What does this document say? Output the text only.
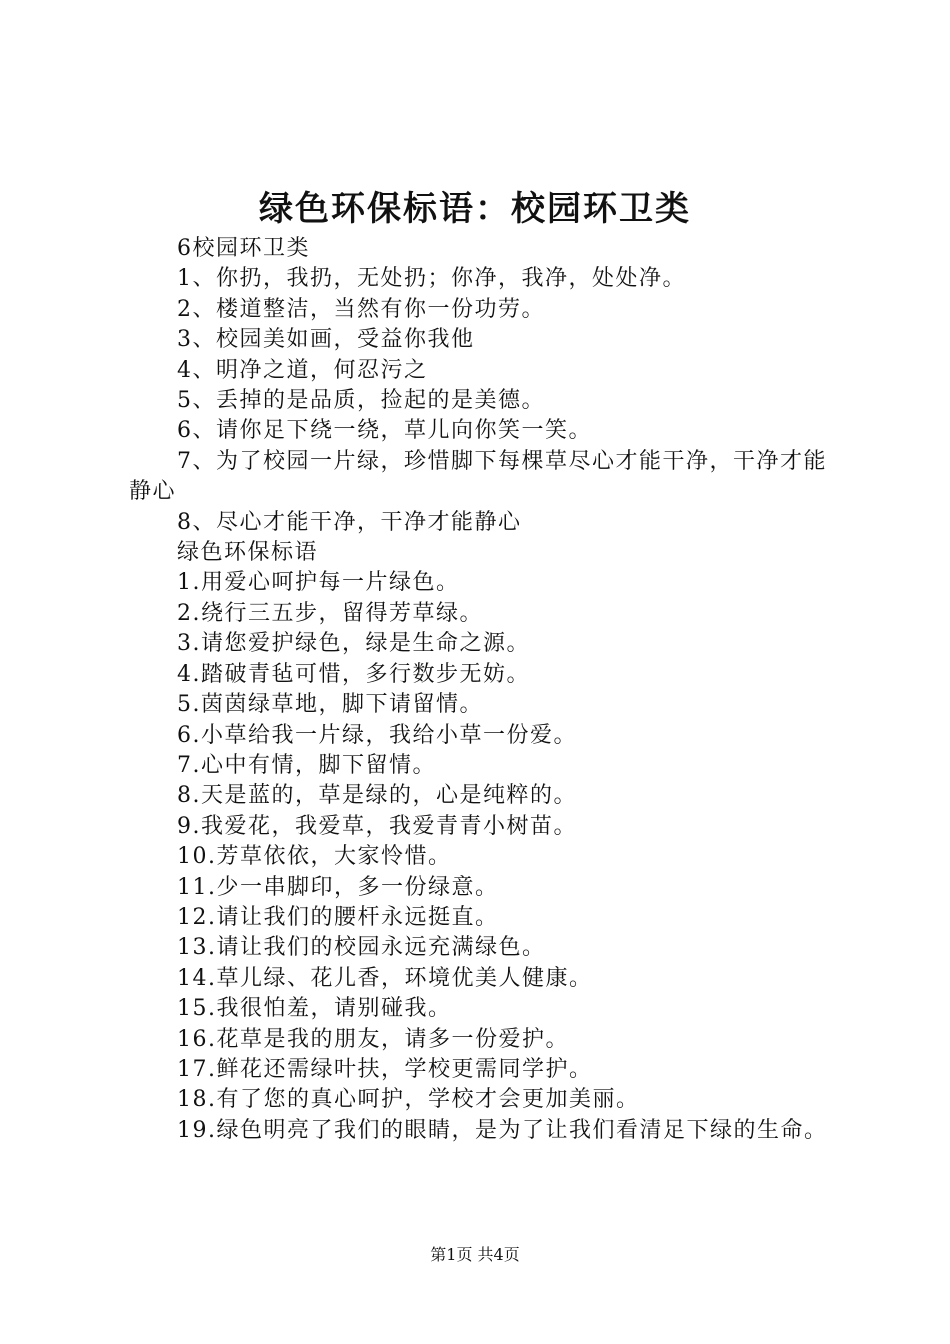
绿色环保标语：校园环卫类

6校园环卫类

1、你扔，我扔，无处扔；你净，我净，处处净。

2、楼道整洁，当然有你一份功劳。

3、校园美如画，受益你我他

4、明净之道，何忍污之

5、丢掉的是品质，捡起的是美德。

6、请你足下绕一绕，草儿向你笑一笑。

7、为了校园一片绿，珍惜脚下每棵草尽心才能干净，干净才能静心

8、尽心才能干净，干净才能静心

绿色环保标语

1.用爱心呵护每一片绿色。

2.绕行三五步，留得芳草绿。

3.请您爱护绿色，绿是生命之源。

4.踏破青毡可惜，多行数步无妨。

5.茵茵绿草地，脚下请留情。

6.小草给我一片绿，我给小草一份爱。

7.心中有情，脚下留情。

8.天是蓝的，草是绿的，心是纯粹的。

9.我爱花，我爱草，我爱青青小树苗。

10.芳草依依，大家怜惜。

11.少一串脚印，多一份绿意。

12.请让我们的腰杆永远挺直。

13.请让我们的校园永远充满绿色。

14.草儿绿、花儿香，环境优美人健康。

15.我很怕羞，请别碰我。

16.花草是我的朋友，请多一份爱护。

17.鲜花还需绿叶扶，学校更需同学护。

18.有了您的真心呵护，学校才会更加美丽。

19.绿色明亮了我们的眼睛，是为了让我们看清足下绿的生命。

第1页 共4页
